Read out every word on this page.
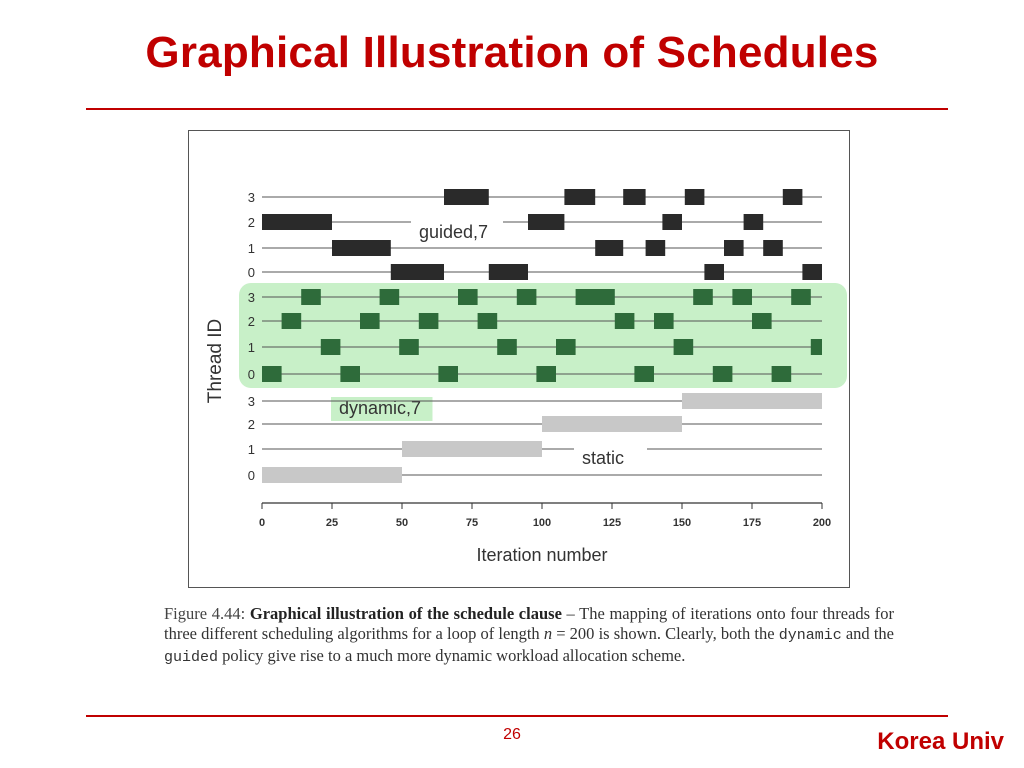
Graphical Illustration of Schedules
3
2
1
0
guided,7
3
2
1
0
dynamic,7
3
2
1
0
static
0	25	50	75	100	125	150	175	200
Iteration number
Thread ID
Figure 4.44: Graphical illustration of the schedule clause – The mapping of iterations onto four threads for three different scheduling algorithms for a loop of length n = 200 is shown. Clearly, both the dynamic and the guided policy give rise to a much more dynamic workload allocation scheme.
26	Korea Univ
